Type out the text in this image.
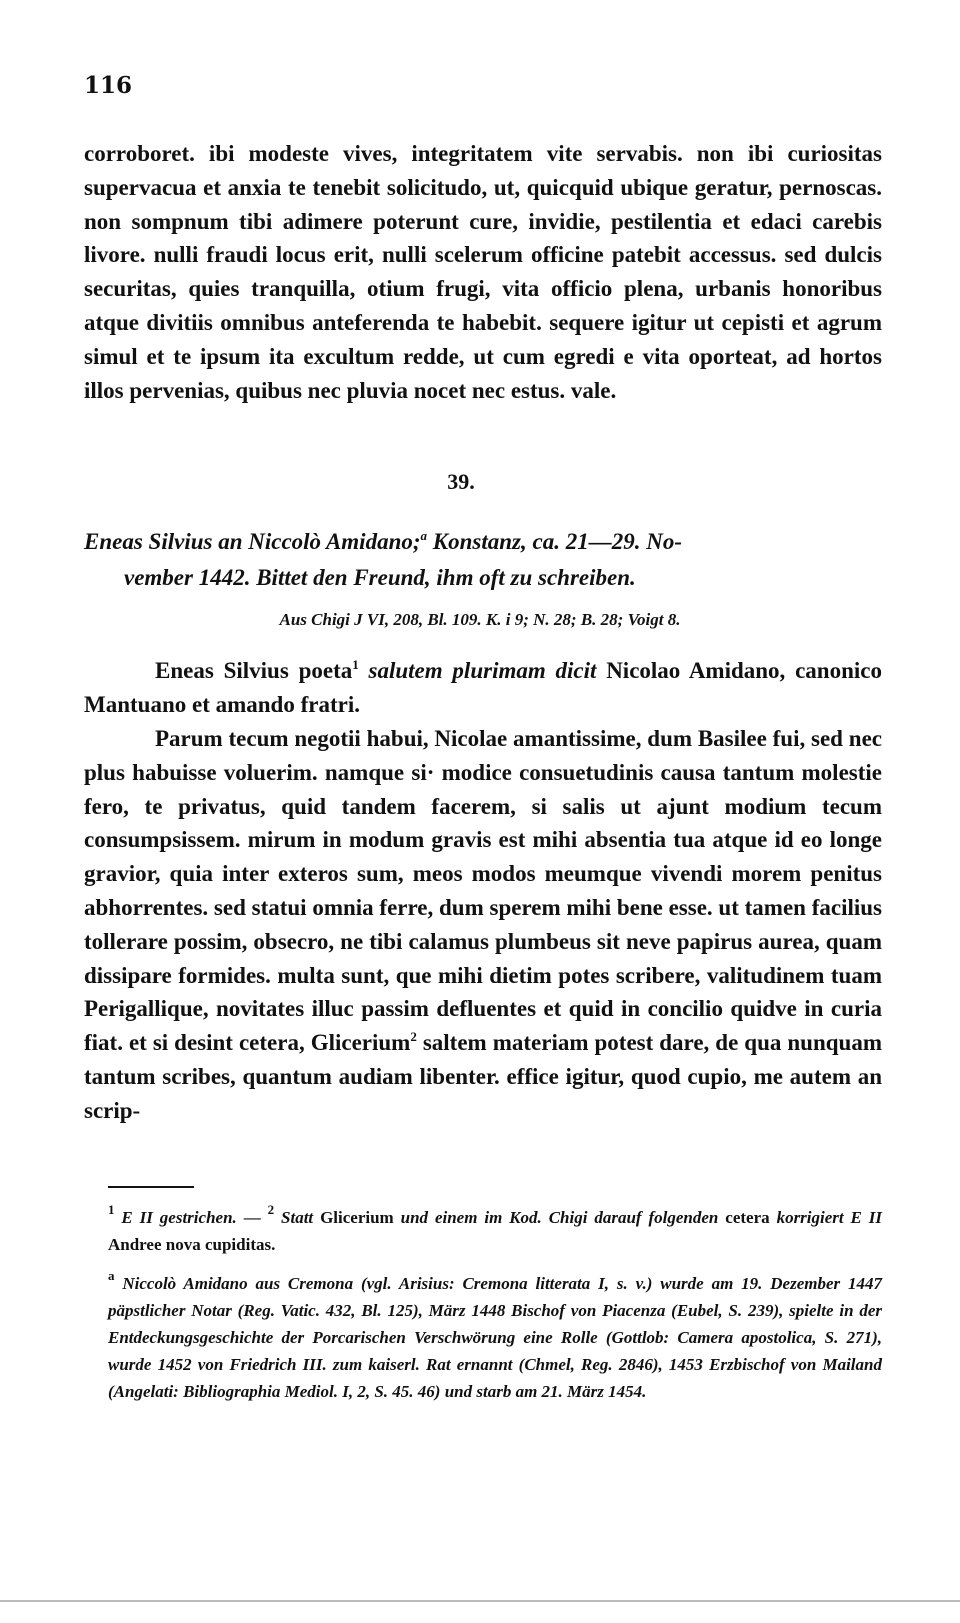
116
corroboret. ibi modeste vives, integritatem vite servabis. non ibi curiositas supervacua et anxia te tenebit solicitudo, ut, quicquid ubique geratur, pernoscas. non sompnum tibi adimere poterunt cure, invidie, pestilentia et edaci carebis livore. nulli fraudi locus erit, nulli scelerum officine patebit accessus. sed dulcis securitas, quies tranquilla, otium frugi, vita officio plena, urbanis honoribus atque divitiis omnibus anteferenda te habebit. sequere igitur ut cepisti et agrum simul et te ipsum ita excultum redde, ut cum egredi e vita oporteat, ad hortos illos pervenias, quibus nec pluvia nocet nec estus. vale.
39.
Eneas Silvius an Niccolò Amidano;$^a$ Konstanz, ca. 21—29. No-
vember 1442. Bittet den Freund, ihm oft zu schreiben.
Aus Chigi J VI, 208, Bl. 109. K. i 9; N. 28; B. 28; Voigt 8.
Eneas Silvius poeta$^1$ salutem plurimam dicit Nicolao Amidano, canonico Mantuano et amando fratri.
Parum tecum negotii habui, Nicolae amantissime, dum Basilee fui, sed nec plus habuisse voluerim. namque si· modice consuetudinis causa tantum molestie fero, te privatus, quid tandem facerem, si salis ut ajunt modium tecum consumpsissem. mirum in modum gravis est mihi absentia tua atque id eo longe gravior, quia inter exteros sum, meos modos meumque vivendi morem penitus abhorrentes. sed statui omnia ferre, dum sperem mihi bene esse. ut tamen facilius tollerare possim, obsecro, ne tibi calamus plumbeus sit neve papirus aurea, quam dissipare formides. multa sunt, que mihi dietim potes scribere, valitudinem tuam Perigallique, novitates illuc passim defluentes et quid in concilio quidve in curia fiat. et si desint cetera, Glicerium$^2$ saltem materiam potest dare, de qua nunquam tantum scribes, quantum audiam libenter. effice igitur, quod cupio, me autem an scrip-
$^1$ E II gestrichen. — $^2$ Statt Glicerium und einem im Kod. Chigi darauf folgenden cetera korrigiert E II Andree nova cupiditas.
$^a$ Niccolò Amidano aus Cremona (vgl. Arisius: Cremona litterata I, s. v.) wurde am 19. Dezember 1447 päpstlicher Notar (Reg. Vatic. 432, Bl. 125), März 1448 Bischof von Piacenza (Eubel, S. 239), spielte in der Entdeckungsgeschichte der Porcarischen Verschwörung eine Rolle (Gottlob: Camera apostolica, S. 271), wurde 1452 von Friedrich III. zum kaiserl. Rat ernannt (Chmel, Reg. 2846), 1453 Erzbischof von Mailand (Angelati: Bibliographia Mediol. I, 2, S. 45. 46) und starb am 21. März 1454.
